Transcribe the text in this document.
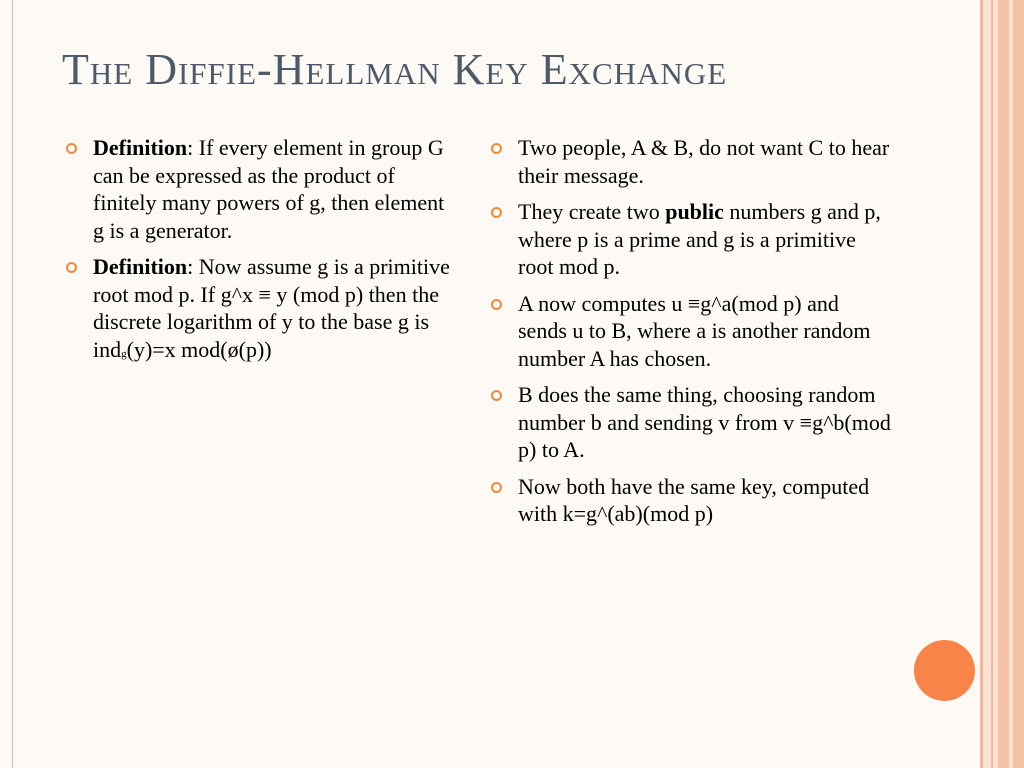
The Diffie-Hellman Key Exchange
Definition: If every element in group G can be expressed as the product of finitely many powers of g, then element g is a generator.
Definition: Now assume g is a primitive root mod p. If g^x ≡ y (mod p) then the discrete logarithm of y to the base g is indg(y)=x mod(ø(p))
Two people, A & B, do not want C to hear their message.
They create two public numbers g and p, where p is a prime and g is a primitive root mod p.
A now computes u ≡g^a(mod p) and sends u to B, where a is another random number A has chosen.
B does the same thing, choosing random number b and sending v from v ≡g^b(mod p) to A.
Now both have the same key, computed with k=g^(ab)(mod p)
